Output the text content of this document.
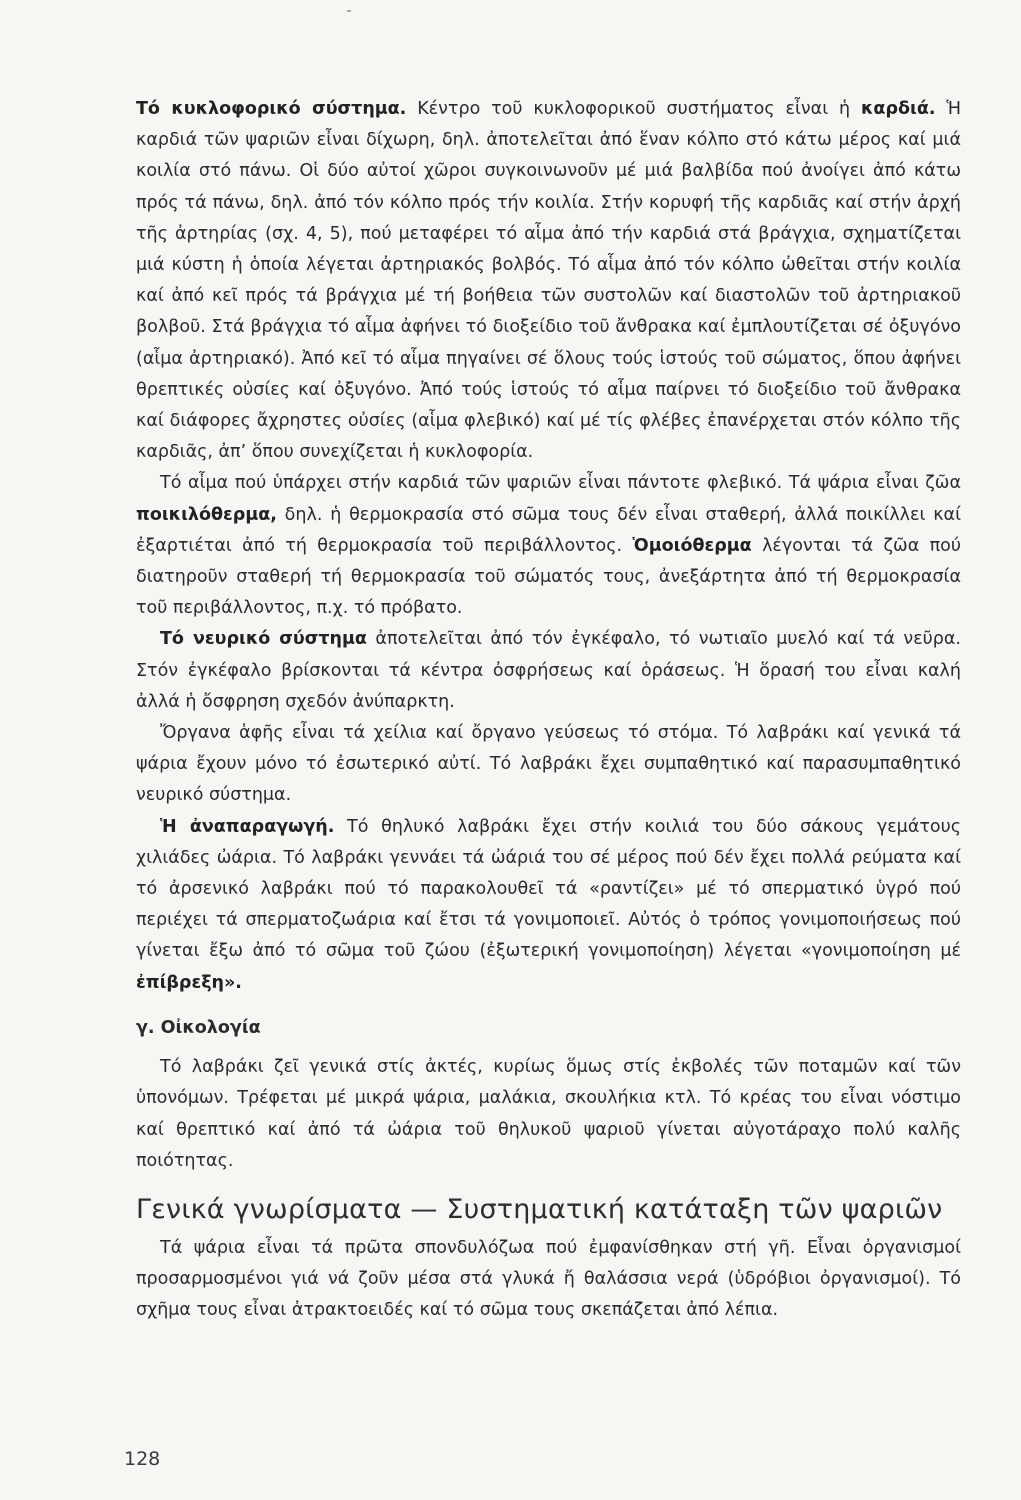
Τό κυκλοφορικό σύστημα. Κέντρο τοῦ κυκλοφορικοῦ συστήματος εἶναι ἡ καρδιά. Ἡ καρδιά τῶν ψαριῶν εἶναι δίχωρη, δηλ. ἀποτελεῖται ἀπό ἕναν κόλπο στό κάτω μέρος καί μιά κοιλία στό πάνω. Οἱ δύο αὐτοί χῶροι συγκοινωνοῦν μέ μιά βαλβίδα πού ἀνοίγει ἀπό κάτω πρός τά πάνω, δηλ. ἀπό τόν κόλπο πρός τήν κοιλία. Στήν κορυφή τῆς καρδιᾶς καί στήν ἀρχή τῆς ἀρτηρίας (σχ. 4, 5), πού μεταφέρει τό αἷμα ἀπό τήν καρδιά στά βράγχια, σχηματίζεται μιά κύστη ἡ ὁποία λέγεται ἀρτηριακός βολβός. Τό αἷμα ἀπό τόν κόλπο ὠθεῖται στήν κοιλία καί ἀπό κεῖ πρός τά βράγχια μέ τή βοήθεια τῶν συστολῶν καί διαστολῶν τοῦ ἀρτηριακοῦ βολβοῦ. Στά βράγχια τό αἷμα ἀφήνει τό διοξείδιο τοῦ ἄνθρακα καί ἐμπλουτίζεται σέ ὀξυγόνο (αἷμα ἀρτηριακό). Ἀπό κεῖ τό αἷμα πηγαίνει σέ ὅλους τούς ἱστούς τοῦ σώματος, ὅπου ἀφήνει θρεπτικές οὐσίες καί ὀξυγόνο. Ἀπό τούς ἱστούς τό αἷμα παίρνει τό διοξείδιο τοῦ ἄνθρακα καί διάφορες ἄχρηστες οὐσίες (αἷμα φλεβικό) καί μέ τίς φλέβες ἐπανέρχεται στόν κόλπο τῆς καρδιᾶς, ἀπ’ ὅπου συνεχίζεται ἡ κυκλοφορία.

Τό αἷμα πού ὑπάρχει στήν καρδιά τῶν ψαριῶν εἶναι πάντοτε φλεβικό. Τά ψάρια εἶναι ζῶα ποικιλόθερμα, δηλ. ἡ θερμοκρασία στό σῶμα τους δέν εἶναι σταθερή, ἀλλά ποικίλλει καί ἐξαρτιέται ἀπό τή θερμοκρασία τοῦ περιβάλλοντος. Ὁμοιόθερμα λέγονται τά ζῶα πού διατηροῦν σταθερή τή θερμοκρασία τοῦ σώματός τους, ἀνεξάρτητα ἀπό τή θερμοκρασία τοῦ περιβάλλοντος, π.χ. τό πρόβατο.

Τό νευρικό σύστημα ἀποτελεῖται ἀπό τόν ἐγκέφαλο, τό νωτιαῖο μυελό καί τά νεῦρα. Στόν ἐγκέφαλο βρίσκονται τά κέντρα ὀσφρήσεως καί ὁράσεως. Ἡ ὅρασή του εἶναι καλή ἀλλά ἡ ὄσφρηση σχεδόν ἀνύπαρκτη.

Ὄργανα ἁφῆς εἶναι τά χείλια καί ὄργανο γεύσεως τό στόμα. Τό λαβράκι καί γενικά τά ψάρια ἔχουν μόνο τό ἐσωτερικό αὐτί. Τό λαβράκι ἔχει συμπαθητικό καί παρασυμπαθητικό νευρικό σύστημα.

Ἡ ἀναπαραγωγή. Τό θηλυκό λαβράκι ἔχει στήν κοιλιά του δύο σάκους γεμάτους χιλιάδες ὠάρια. Τό λαβράκι γεννάει τά ὠάριά του σέ μέρος πού δέν ἔχει πολλά ρεύματα καί τό ἀρσενικό λαβράκι πού τό παρακολουθεῖ τά «ραντίζει» μέ τό σπερματικό ὑγρό πού περιέχει τά σπερματοζωάρια καί ἔτσι τά γονιμοποιεῖ. Αὐτός ὁ τρόπος γονιμοποιήσεως πού γίνεται ἔξω ἀπό τό σῶμα τοῦ ζώου (ἐξωτερική γονιμοποίηση) λέγεται «γονιμοποίηση μέ ἐπίβρεξη».

γ. Οἰκολογία

Τό λαβράκι ζεῖ γενικά στίς ἀκτές, κυρίως ὅμως στίς ἐκβολές τῶν ποταμῶν καί τῶν ὑπονόμων. Τρέφεται μέ μικρά ψάρια, μαλάκια, σκουλήκια κτλ. Τό κρέας του εἶναι νόστιμο καί θρεπτικό καί ἀπό τά ὠάρια τοῦ θηλυκοῦ ψαριοῦ γίνεται αὐγοτάραχο πολύ καλῆς ποιότητας.

Γενικά γνωρίσματα — Συστηματική κατάταξη τῶν ψαριῶν

Τά ψάρια εἶναι τά πρῶτα σπονδυλόζωα πού ἐμφανίσθηκαν στή γῆ. Εἶναι ὀργανισμοί προσαρμοσμένοι γιά νά ζοῦν μέσα στά γλυκά ἤ θαλάσσια νερά (ὑδρόβιοι ὀργανισμοί). Τό σχῆμα τους εἶναι ἀτρακτοειδές καί τό σῶμα τους σκεπάζεται ἀπό λέπια.

128
